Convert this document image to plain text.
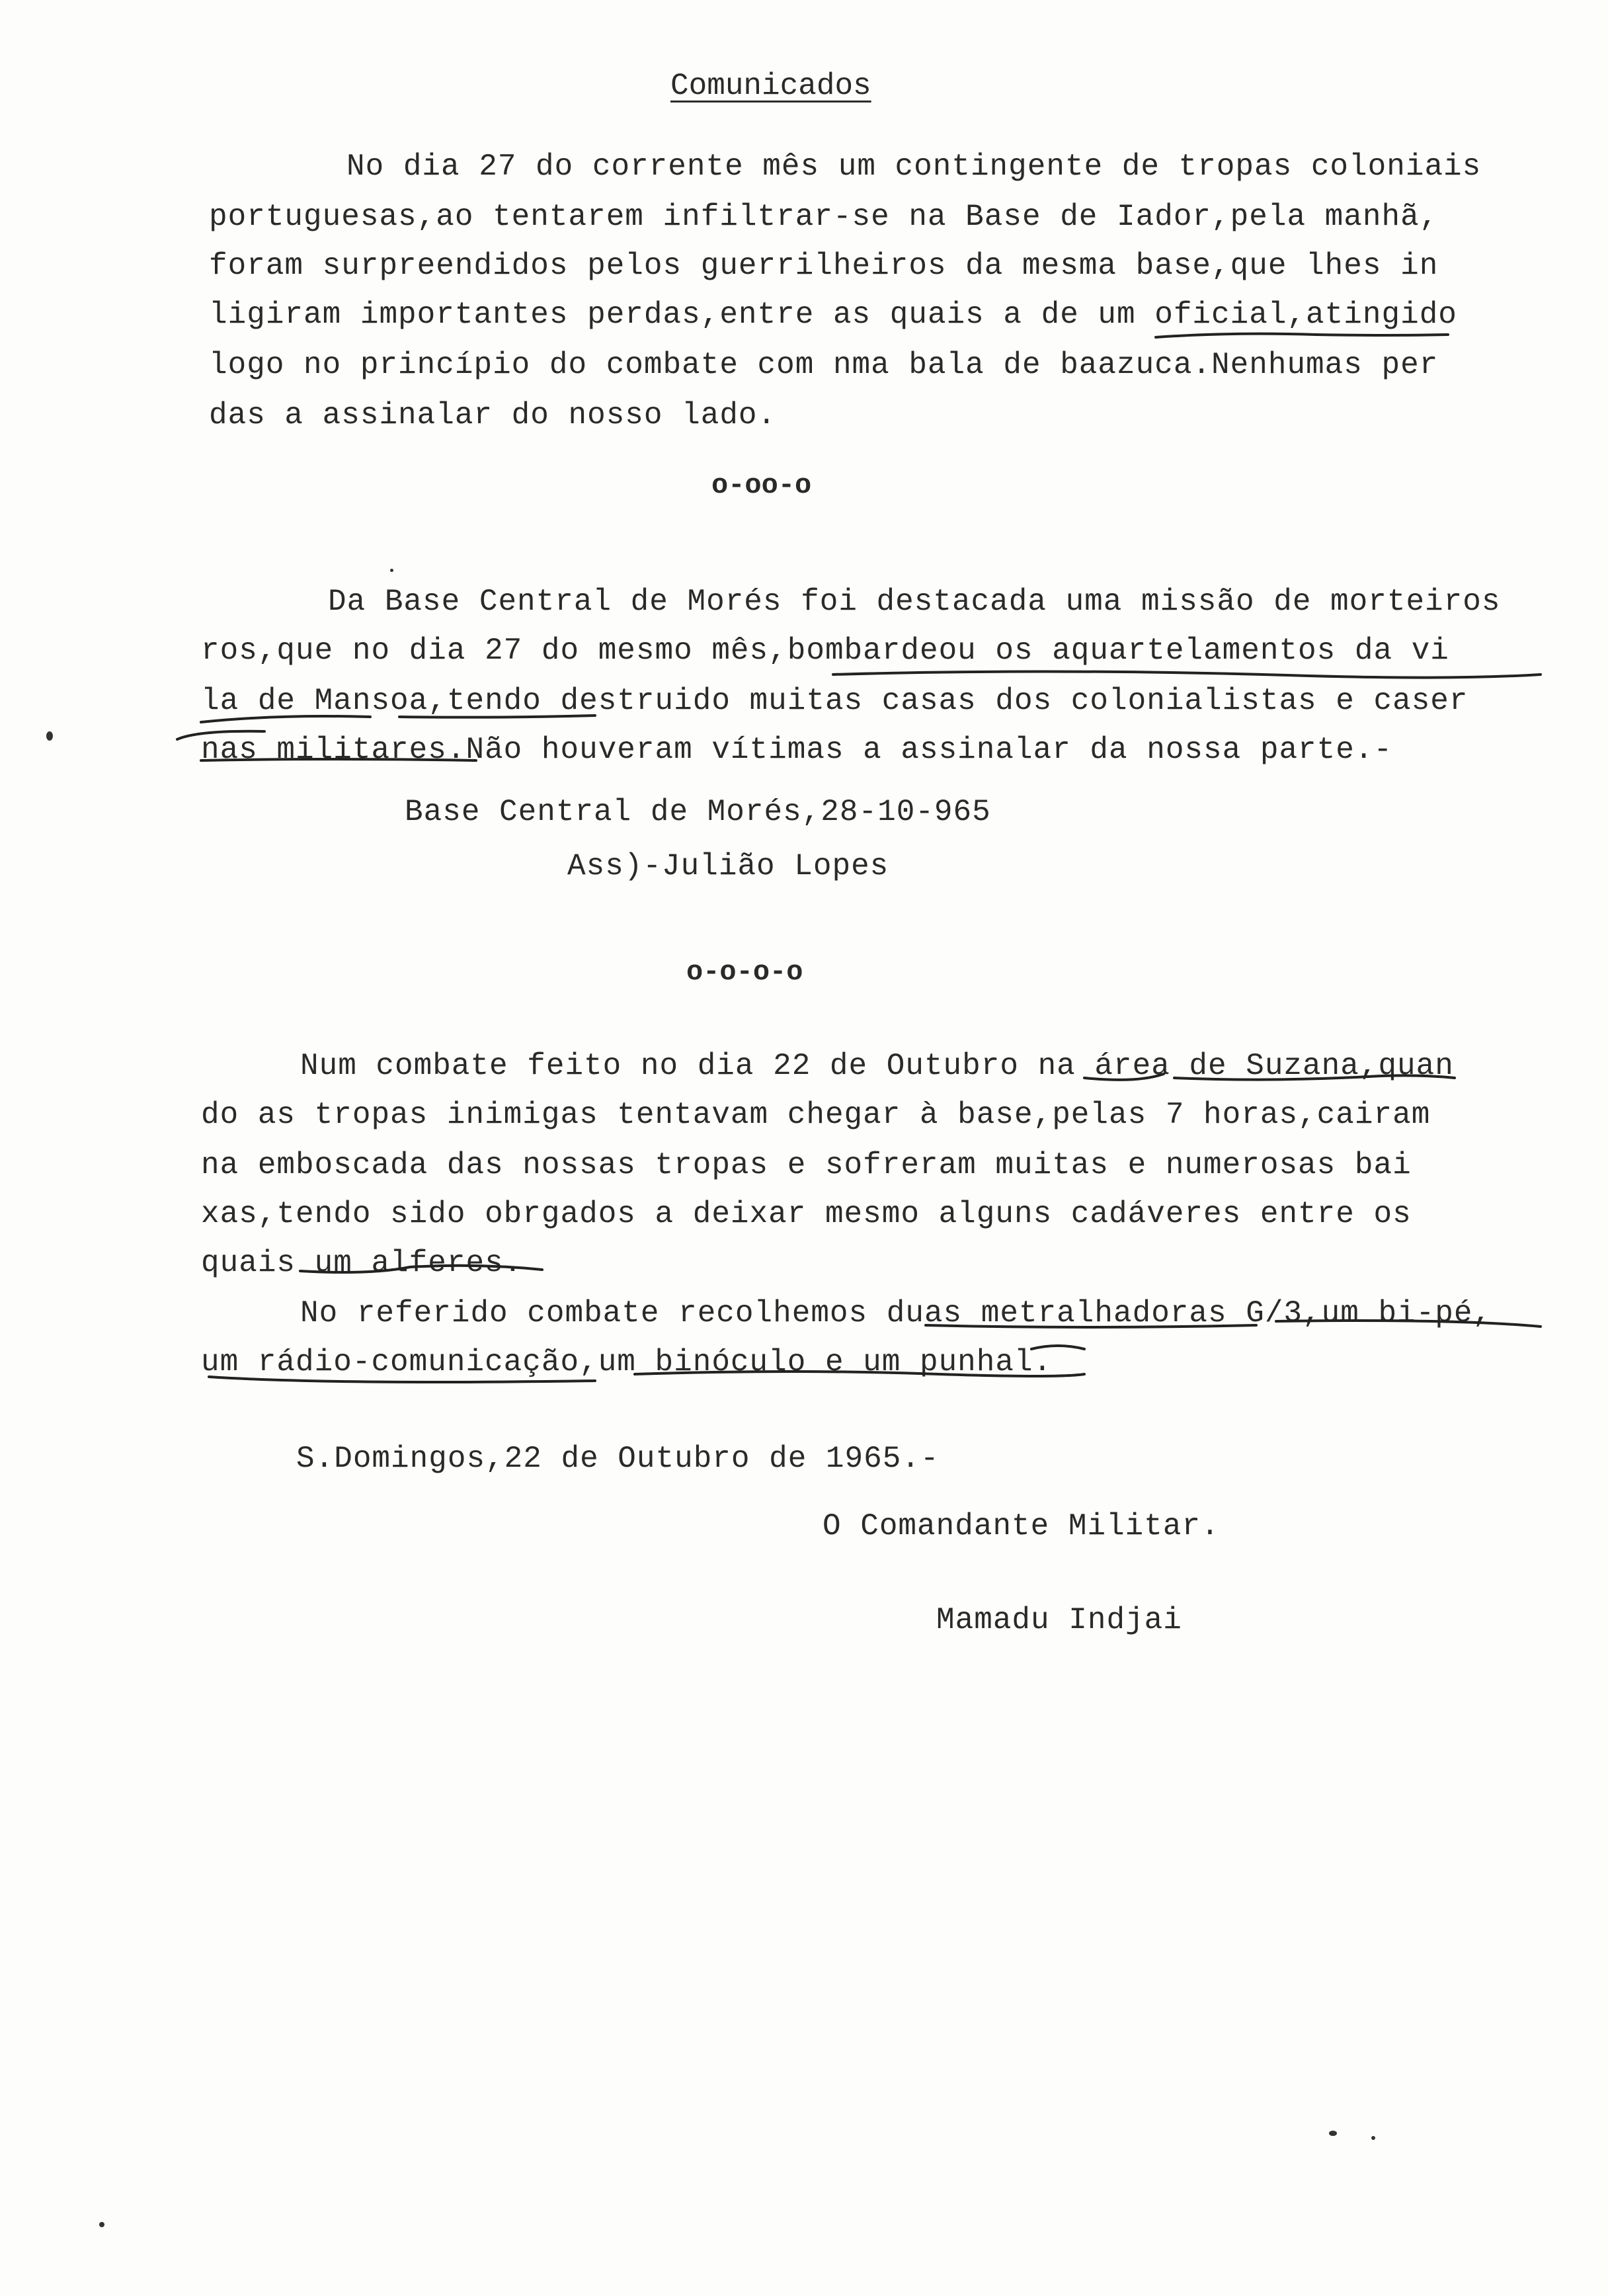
Comunicados
No dia 27 do corrente mês um contingente de tropas coloniais
portuguesas,ao tentarem infiltrar-se na Base de Iador,pela manhã,
foram surpreendidos pelos guerrilheiros da mesma base,que lhes in
ligiram importantes perdas,entre as quais a de um oficial,atingido
logo no princípio do combate com nma bala de baazuca.Nenhumas per
das a assinalar do nosso lado.
o-oo-o
Da Base Central de Morés foi destacada uma missão de morteiros
ros,que no dia 27 do mesmo mês,bombardeou os aquartelamentos da vi
la de Mansoa,tendo destruido muitas casas dos colonialistas e caser
nas militares.Não houveram vítimas a assinalar da nossa parte.-
Base Central de Morés,28-10-965
Ass)-Julião Lopes
o-o-o-o
Num combate feito no dia 22 de Outubro na área de Suzana,quan
do as tropas inimigas tentavam chegar à base,pelas 7 horas,cairam
na emboscada das nossas tropas e sofreram muitas e numerosas bai
xas,tendo sido obrgados a deixar mesmo alguns cadáveres entre os
quais um alferes.
No referido combate recolhemos duas metralhadoras G/3,um bi-pé,
um rádio-comunicação,um binóculo e um punhal.
S.Domingos,22 de Outubro de 1965.-
O Comandante Militar.
Mamadu Indjai
